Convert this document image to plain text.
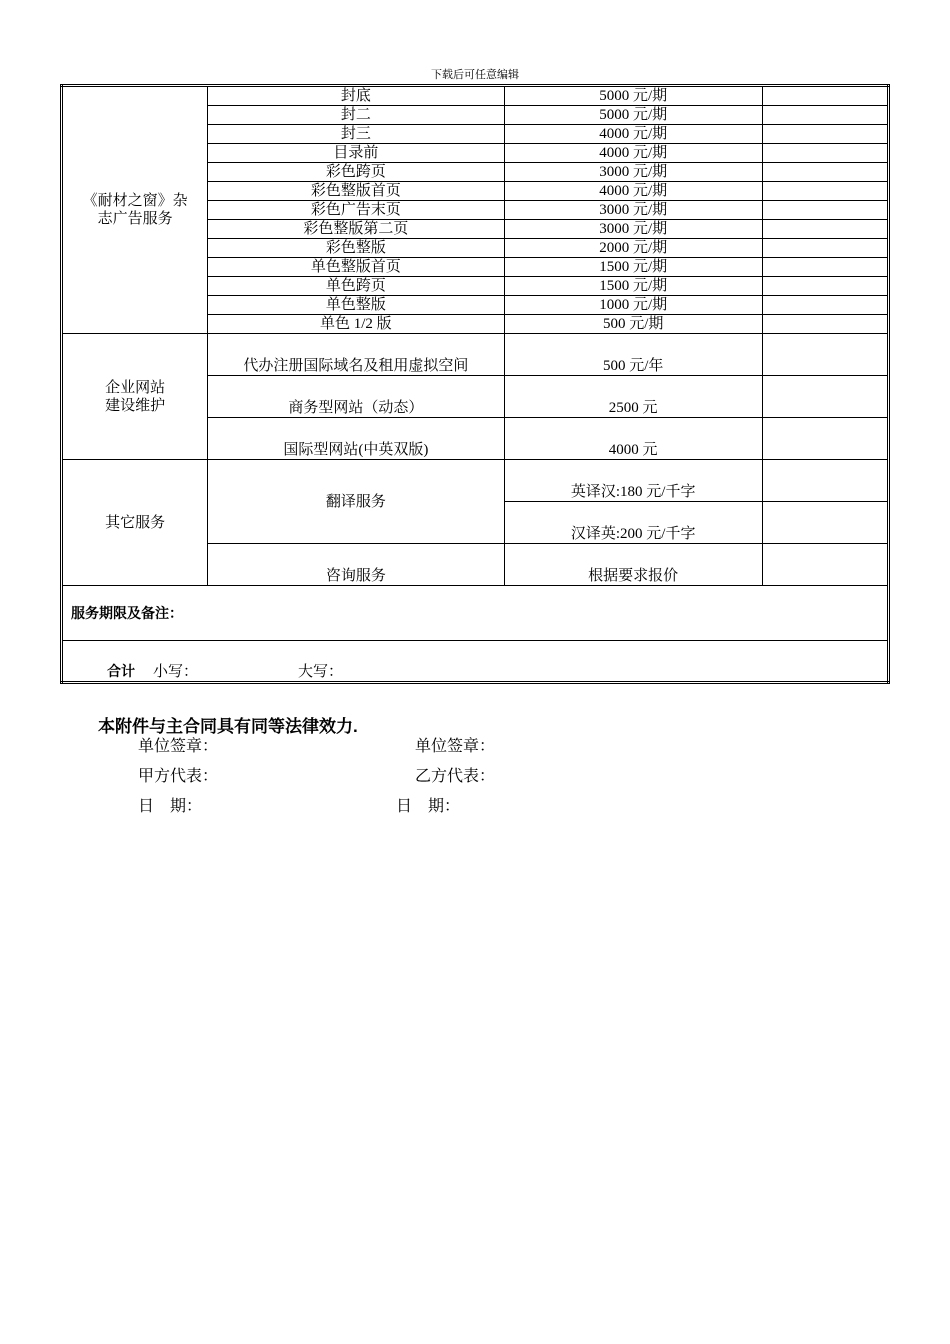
下载后可任意编辑
《耐材之窗》杂
志广告服务	封底	5000 元/期	
	封二	5000 元/期	
	封三	4000 元/期	
	目录前	4000 元/期	
	彩色跨页	3000 元/期	
	彩色整版首页	4000 元/期	
	彩色广告末页	3000 元/期	
	彩色整版第二页	3000 元/期	
	彩色整版	2000 元/期	
	单色整版首页	1500 元/期	
	单色跨页	1500 元/期	
	单色整版	1000 元/期	
	单色 1/2 版	500 元/期	
企业网站
建设维护	代办注册国际域名及租用虚拟空间	500 元/年	
	商务型网站（动态）	2500 元	
	国际型网站(中英双版)	4000 元	
其它服务	翻译服务	英译汉:180 元/千字	
		汉译英:200 元/千字	
	咨询服务	根据要求报价	
服务期限及备注：			
合计 小写： 大写：			
本附件与主合同具有同等法律效力.
单位签章：
甲方代表：
日    期：
单位签章：
乙方代表：
日    期：
